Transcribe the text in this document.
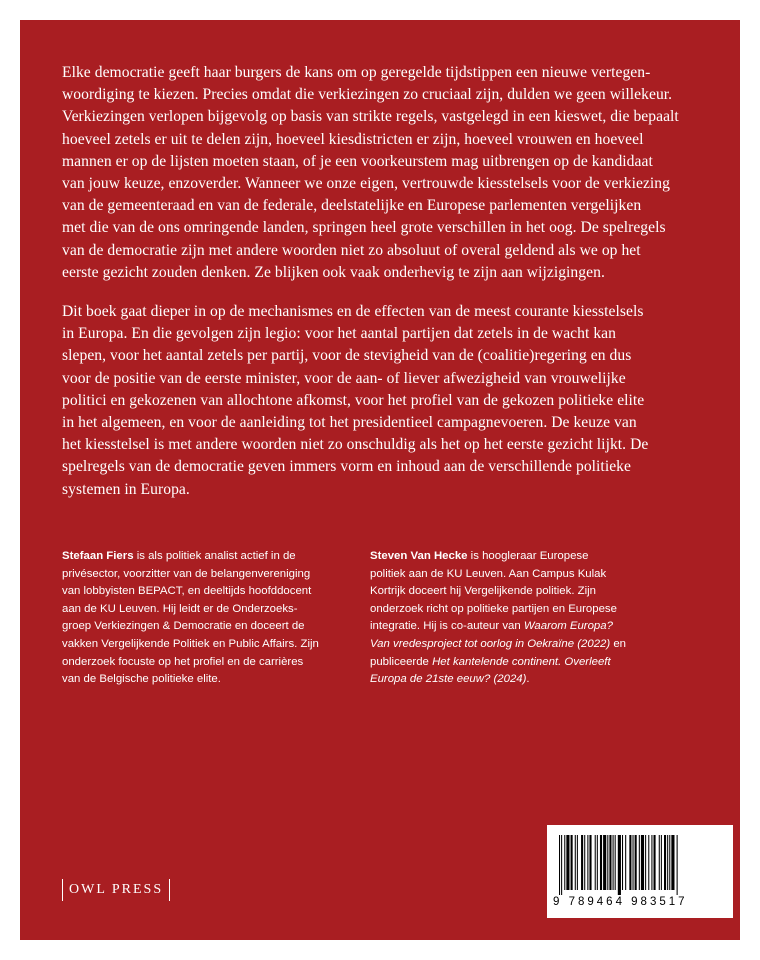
Elke democratie geeft haar burgers de kans om op geregelde tijdstippen een nieuwe vertegen-
woordiging te kiezen. Precies omdat die verkiezingen zo cruciaal zijn, dulden we geen willekeur.
Verkiezingen verlopen bijgevolg op basis van strikte regels, vastgelegd in een kieswet, die bepaalt
hoeveel zetels er uit te delen zijn, hoeveel kiesdistricten er zijn, hoeveel vrouwen en hoeveel
mannen er op de lijsten moeten staan, of je een voorkeurstem mag uitbrengen op de kandidaat
van jouw keuze, enzoverder. Wanneer we onze eigen, vertrouwde kiesstelsels voor de verkiezing
van de gemeenteraad en van de federale, deelstatelijke en Europese parlementen vergelijken
met die van de ons omringende landen, springen heel grote verschillen in het oog. De spelregels
van de democratie zijn met andere woorden niet zo absoluut of overal geldend als we op het
eerste gezicht zouden denken. Ze blijken ook vaak onderhevig te zijn aan wijzigingen.
Dit boek gaat dieper in op de mechanismes en de effecten van de meest courante kiesstelsels
in Europa. En die gevolgen zijn legio: voor het aantal partijen dat zetels in de wacht kan
slepen, voor het aantal zetels per partij, voor de stevigheid van de (coalitie)regering en dus
voor de positie van de eerste minister, voor de aan- of liever afwezigheid van vrouwelijke
politici en gekozenen van allochtone afkomst, voor het profiel van de gekozen politieke elite
in het algemeen, en voor de aanleiding tot het presidentieel campagnevoeren. De keuze van
het kiesstelsel is met andere woorden niet zo onschuldig als het op het eerste gezicht lijkt. De
spelregels van de democratie geven immers vorm en inhoud aan de verschillende politieke
systemen in Europa.
Stefaan Fiers is als politiek analist actief in de
privésector, voorzitter van de belangenvereniging
van lobbyisten BEPACT, en deeltijds hoofddocent
aan de KU Leuven. Hij leidt er de Onderzoeks-
groep Verkiezingen & Democratie en doceert de
vakken Vergelijkende Politiek en Public Affairs. Zijn
onderzoek focuste op het profiel en de carrières
van de Belgische politieke elite.
Steven Van Hecke is hoogleraar Europese
politiek aan de KU Leuven. Aan Campus Kulak
Kortrijk doceert hij Vergelijkende politiek. Zijn
onderzoek richt op politieke partijen en Europese
integratie. Hij is co-auteur van Waarom Europa?
Van vredesproject tot oorlog in Oekraïne (2022) en
publiceerde Het kantelende continent. Overleeft
Europa de 21ste eeuw? (2024).
OWL PRESS
9 789464 983517
